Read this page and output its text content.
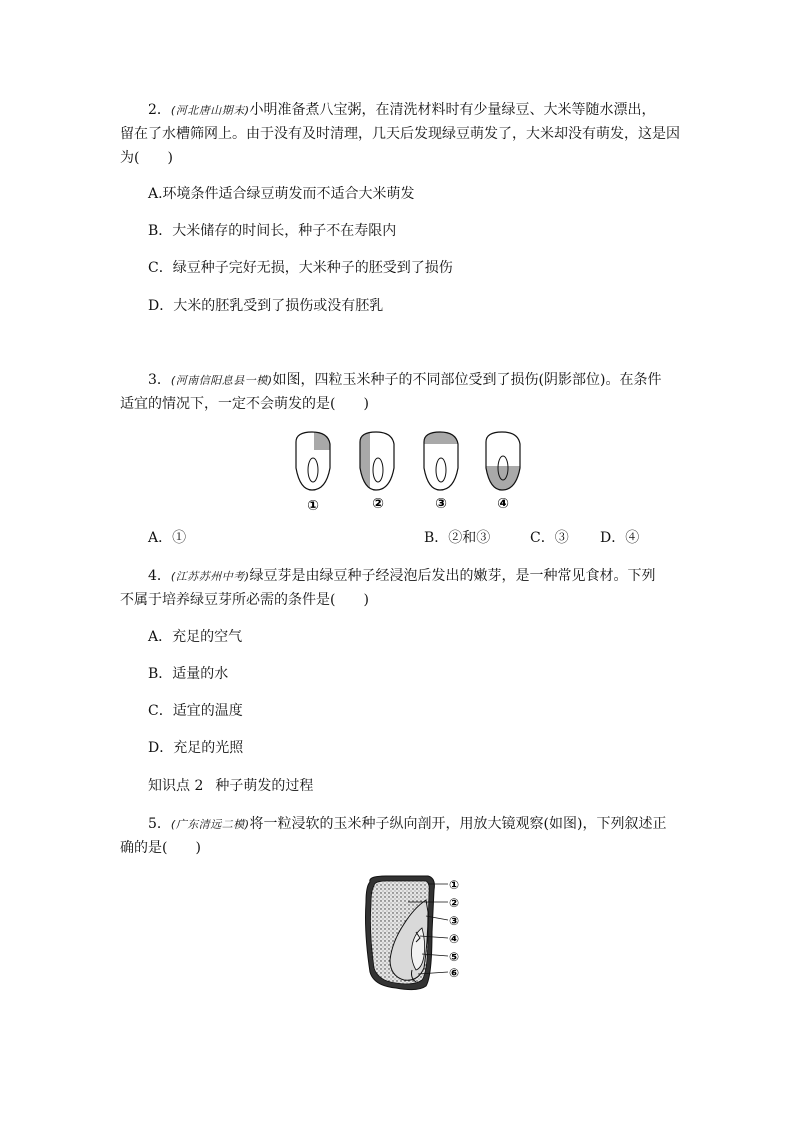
2．(河北唐山期末)小明准备煮八宝粥，在清洗材料时有少量绿豆、大米等随水漂出，
留在了水槽筛网上。由于没有及时清理，几天后发现绿豆萌发了，大米却没有萌发，这是因
为(　　)
A.环境条件适合绿豆萌发而不适合大米萌发
B．大米储存的时间长，种子不在寿限内
C．绿豆种子完好无损，大米种子的胚受到了损伤
D．大米的胚乳受到了损伤或没有胚乳
3．(河南信阳息县一模)如图，四粒玉米种子的不同部位受到了损伤(阴影部位)。在条件
适宜的情况下，一定不会萌发的是(　　)
①	②	③	④
A．①	B．②和③	C．③ D．④
4．(江苏苏州中考)绿豆芽是由绿豆种子经浸泡后发出的嫩芽，是一种常见食材。下列
不属于培养绿豆芽所必需的条件是(　　)
A．充足的空气
B．适量的水
C．适宜的温度
D．充足的光照
知识点 2 种子萌发的过程
5．(广东清远二模)将一粒浸软的玉米种子纵向剖开，用放大镜观察(如图)，下列叙述正
确的是(　　)
①
②
③
④
⑤
⑥
